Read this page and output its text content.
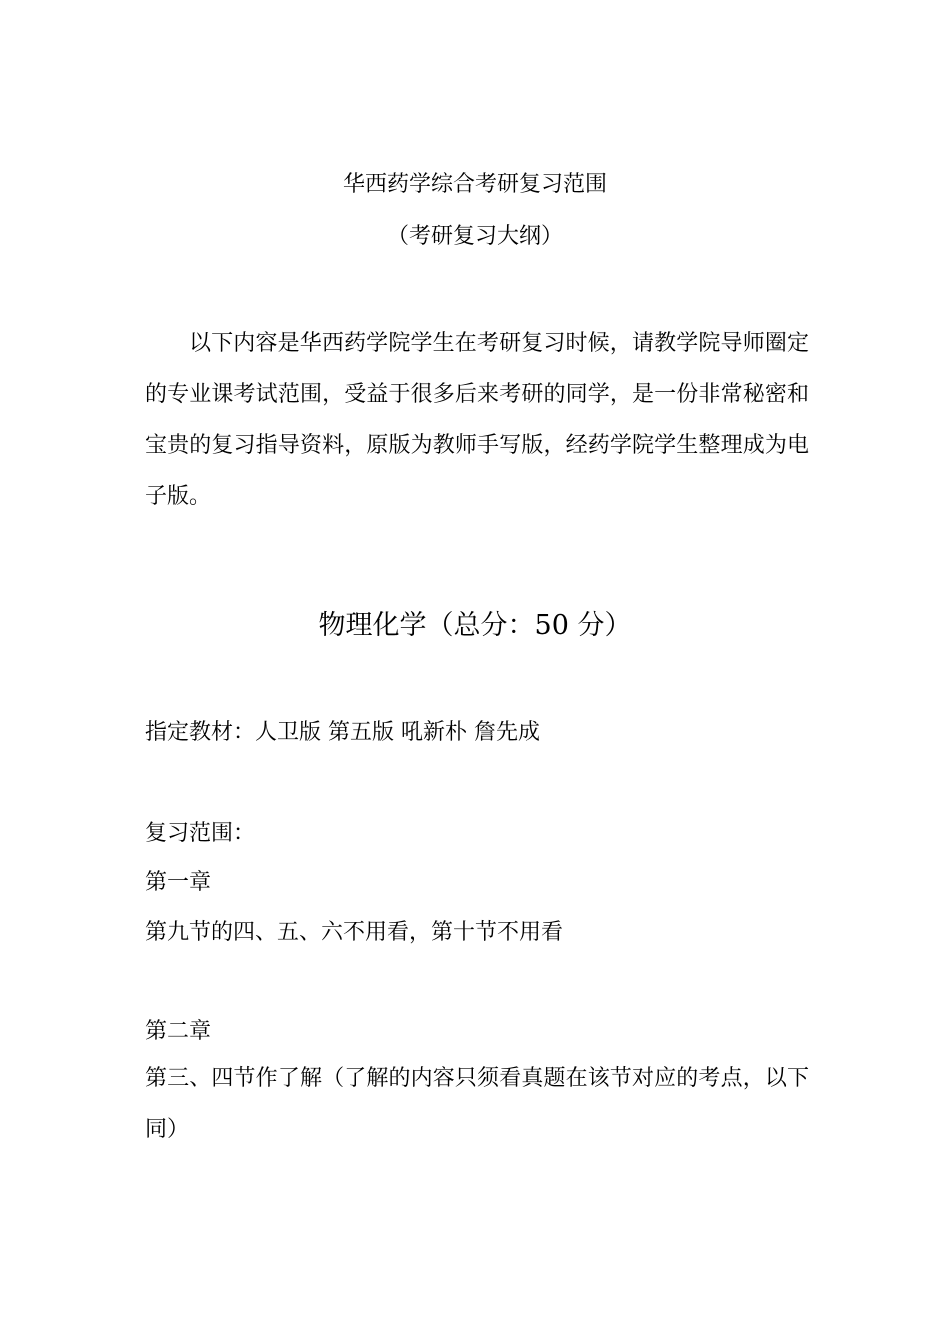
华西药学综合考研复习范围
（考研复习大纲）

以下内容是华西药学院学生在考研复习时候，请教学院导师圈定的专业课考试范围，受益于很多后来考研的同学，是一份非常秘密和宝贵的复习指导资料，原版为教师手写版，经药学院学生整理成为电子版。

物理化学（总分：50 分）

指定教材：人卫版 第五版 吼新朴 詹先成

复习范围：

第一章

第九节的四、五、六不用看，第十节不用看

第二章

第三、四节作了解（了解的内容只须看真题在该节对应的考点，以下同）
